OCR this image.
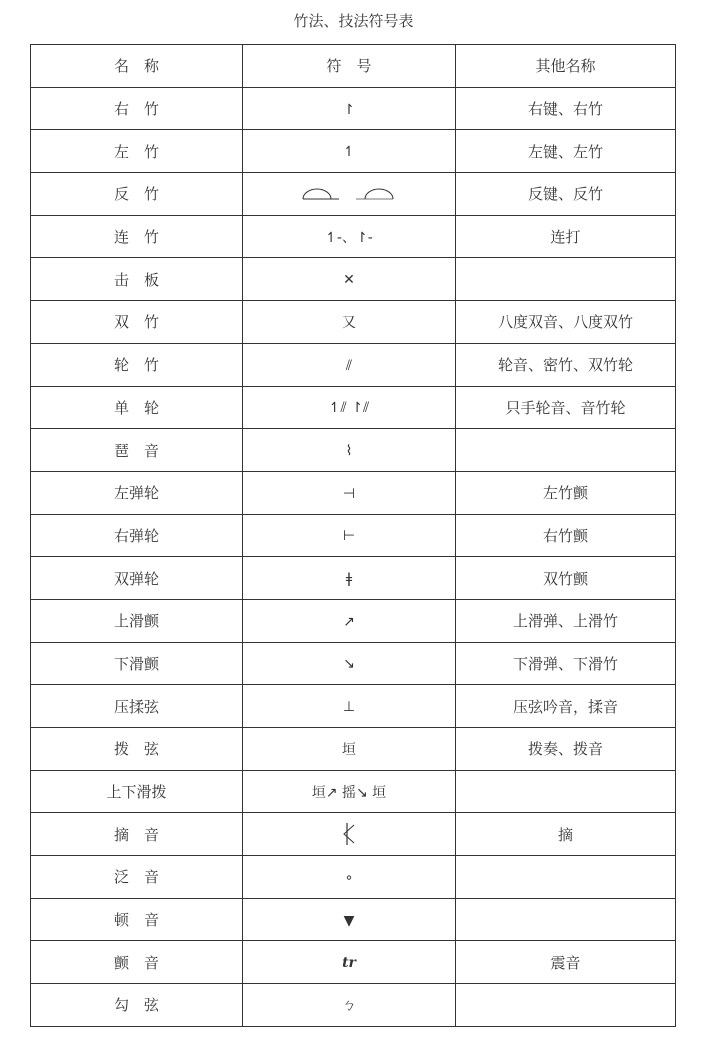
竹法、技法符号表
名　称	符　号	其他名称
右　竹	↾	右键、右竹
左　竹	↿	左键、左竹
反　竹		反键、反竹
连　竹	↿-、↾-	连打
击　板	✕	
双　竹	又	八度双音、八度双竹
轮　竹	⫽	轮音、密竹、双竹轮
单　轮	↿⫽ ↾⫽	只手轮音、音竹轮
琶　音	⌇	
左弹轮	⊣	左竹颤
右弹轮	⊢	右竹颤
双弹轮	ǂ	双竹颤
上滑颤	↗	上滑弹、上滑竹
下滑颤	↘	下滑弹、下滑竹
压揉弦	⊥	压弦吟音，揉音
拨　弦	垣	拨奏、拨音
上下滑拨	垣↗ 摇↘ 垣	
摘　音		摘
泛　音	∘	
顿　音	▼	
颤　音	tr	震音
勾　弦	ㄅ	
